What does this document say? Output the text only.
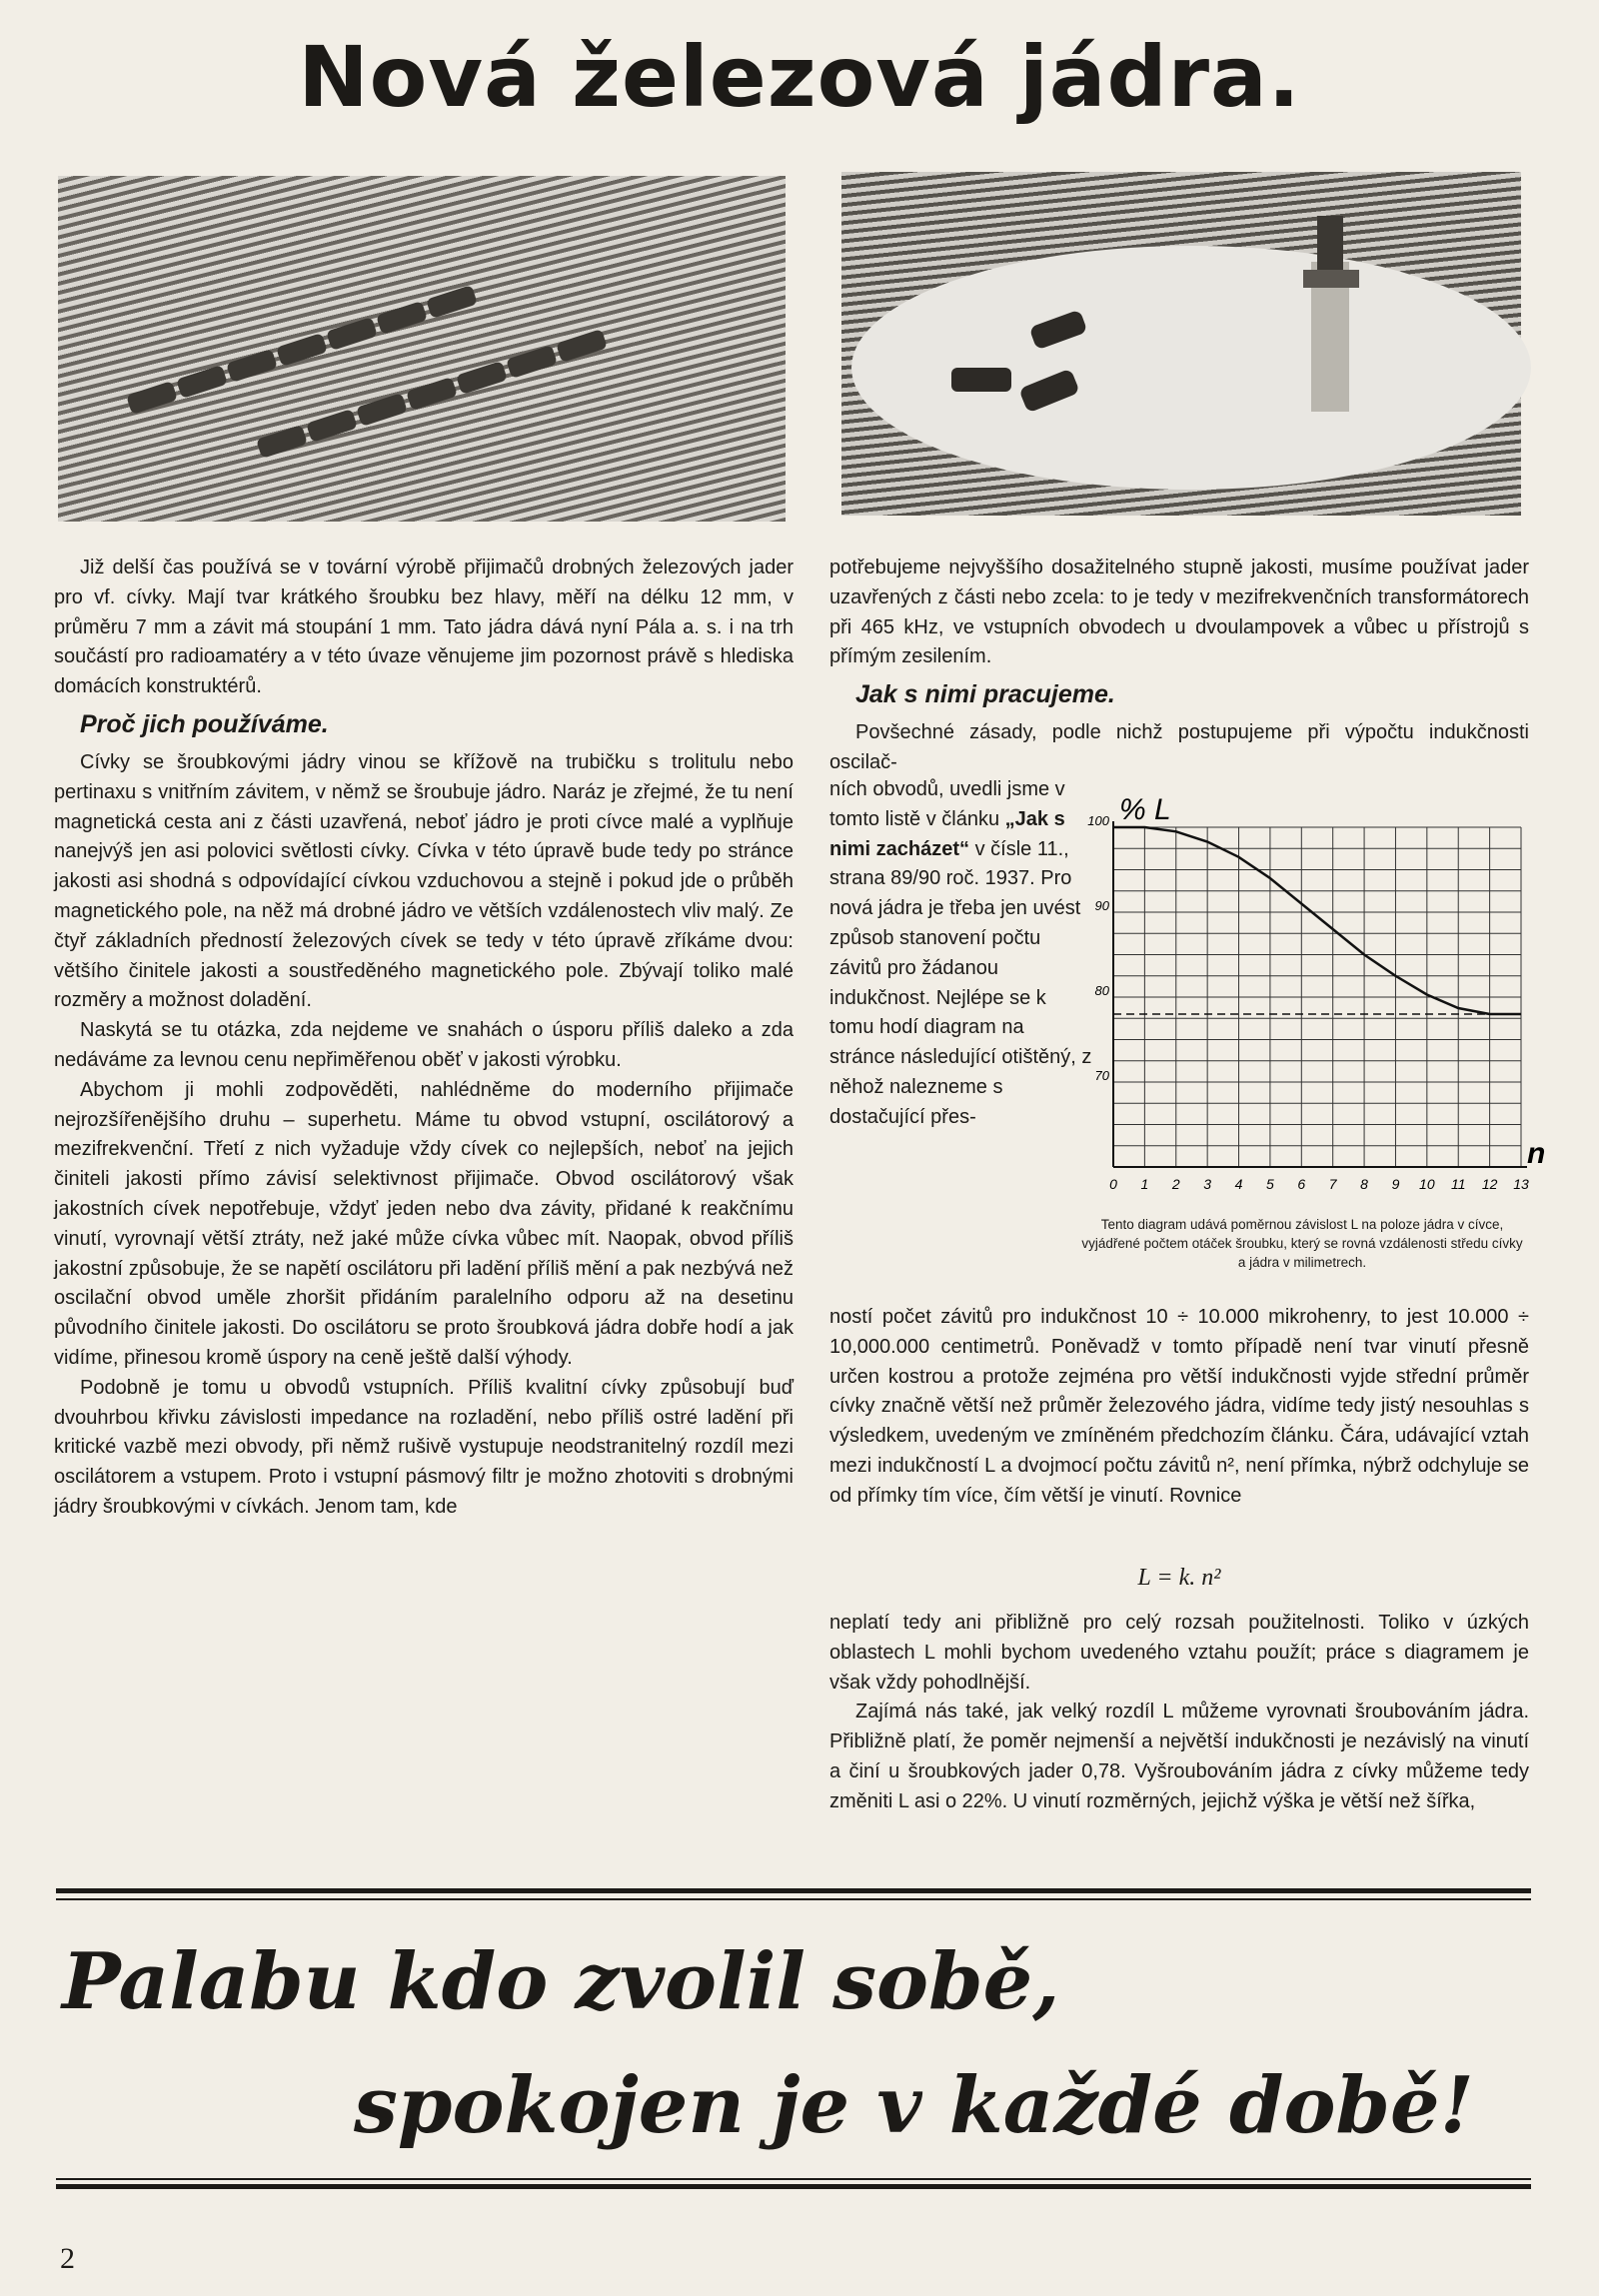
Nová železová jádra.

Již delší čas používá se v tovární výrobě přijimačů drobných železových jader pro vf. cívky. Mají tvar krátkého šroubku bez hlavy, měří na délku 12 mm, v průměru 7 mm a závit má stoupání 1 mm. Tato jádra dává nyní Pála a. s. i na trh součástí pro radioamatéry a v této úvaze věnujeme jim pozornost právě s hlediska domácích konstruktérů.

Proč jich používáme.

Cívky se šroubkovými jádry vinou se křížově na trubičku s trolitulu nebo pertinaxu s vnitřním závitem, v němž se šroubuje jádro. Naráz je zřejmé, že tu není magnetická cesta ani z části uzavřená, neboť jádro je proti cívce malé a vyplňuje nanejvýš jen asi polovici světlosti cívky. Cívka v této úpravě bude tedy po stránce jakosti asi shodná s odpovídající cívkou vzduchovou a stejně i pokud jde o průběh magnetického pole, na něž má drobné jádro ve větších vzdálenostech vliv malý. Ze čtyř základních předností železových cívek se tedy v této úpravě zříkáme dvou: většího činitele jakosti a soustředěného magnetického pole. Zbývají toliko malé rozměry a možnost doladění.

Naskytá se tu otázka, zda nejdeme ve snahách o úsporu příliš daleko a zda nedáváme za levnou cenu nepřiměřenou oběť v jakosti výrobku.

Abychom ji mohli zodpověděti, nahlédněme do moderního přijimače nejrozšířenějšího druhu – superhetu. Máme tu obvod vstupní, oscilátorový a mezifrekvenční. Třetí z nich vyžaduje vždy cívek co nejlepších, neboť na jejich činiteli jakosti přímo závisí selektivnost přijimače. Obvod oscilátorový však jakostních cívek nepotřebuje, vždyť jeden nebo dva závity, přidané k reakčnímu vinutí, vyrovnají větší ztráty, než jaké může cívka vůbec mít. Naopak, obvod příliš jakostní způsobuje, že se napětí oscilátoru při ladění příliš mění a pak nezbývá než oscilační obvod uměle zhoršit přidáním paralelního odporu až na desetinu původního činitele jakosti. Do oscilátoru se proto šroubková jádra dobře hodí a jak vidíme, přinesou kromě úspory na ceně ještě další výhody.

Podobně je tomu u obvodů vstupních. Příliš kvalitní cívky způsobují buď dvouhrbou křivku závislosti impedance na rozladění, nebo příliš ostré ladění při kritické vazbě mezi obvody, při němž rušivě vystupuje neodstranitelný rozdíl mezi oscilátorem a vstupem. Proto i vstupní pásmový filtr je možno zhotoviti s drobnými jádry šroubkovými v cívkách. Jenom tam, kde

potřebujeme nejvyššího dosažitelného stupně jakosti, musíme používat jader uzavřených z části nebo zcela: to je tedy v mezifrekvenčních transformátorech při 465 kHz, ve vstupních obvodech u dvoulampovek a vůbec u přístrojů s přímým zesilením.

Jak s nimi pracujeme.

Povšechné zásady, podle nichž postupujeme při výpočtu indukčnosti oscilač-

ních obvodů, uvedli jsme v tomto listě v článku „Jak s nimi zacházet“ v čísle 11., strana 89/90 roč. 1937. Pro nová jádra je třeba jen uvést způsob stanovení počtu závitů pro žádanou indukčnost. Nejlépe se k tomu hodí diagram na stránce následující otištěný, z něhož nalezneme s dostačující přes-

0 1 2 3 4 5 6 7 8 9 10 11 12 13
100
90
80
70
% L
n
Tento diagram udává poměrnou závislost L na poloze jádra v cívce, vyjádřené počtem otáček šroubku, který se rovná vzdálenosti středu cívky a jádra v milimetrech.

ností počet závitů pro indukčnost 10 ÷ 10.000 mikrohenry, to jest 10.000 ÷ 10,000.000 centimetrů. Poněvadž v tomto případě není tvar vinutí přesně určen kostrou a protože zejména pro větší indukčnosti vyjde střední průměr cívky značně větší než průměr železového jádra, vidíme tedy jistý nesouhlas s výsledkem, uvedeným ve zmíněném předchozím článku. Čára, udávající vztah mezi indukčností L a dvojmocí počtu závitů n², není přímka, nýbrž odchyluje se od přímky tím více, čím větší je vinutí. Rovnice

L = k. n²

neplatí tedy ani přibližně pro celý rozsah použitelnosti. Toliko v úzkých oblastech L mohli bychom uvedeného vztahu použít; práce s diagramem je však vždy pohodlnější.

Zajímá nás také, jak velký rozdíl L můžeme vyrovnati šroubováním jádra. Přibližně platí, že poměr nejmenší a největší indukčnosti je nezávislý na vinutí a činí u šroubkových jader 0,78. Vyšroubováním jádra z cívky můžeme tedy změniti L asi o 22%. U vinutí rozměrných, jejichž výška je větší než šířka,

Palabu kdo zvolil sobě,
spokojen je v každé době!
2
